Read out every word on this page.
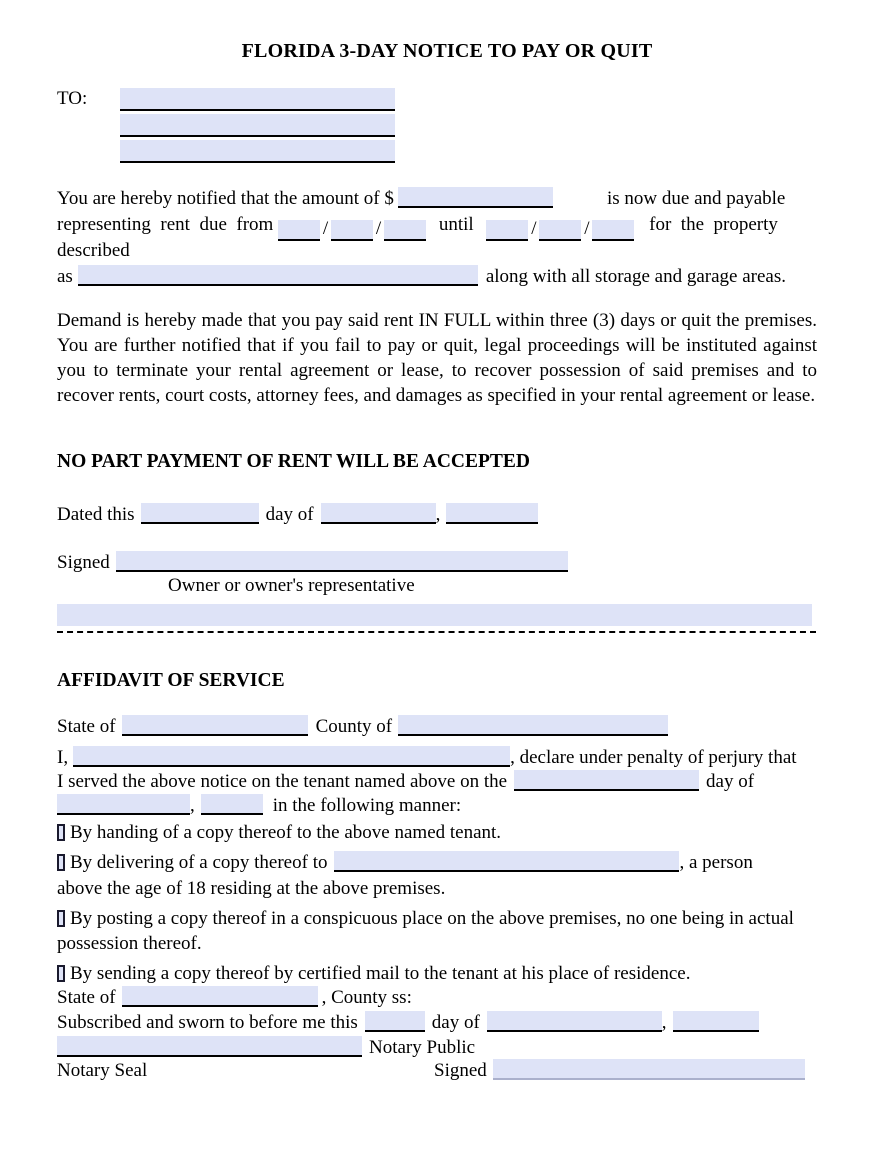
FLORIDA 3-DAY NOTICE TO PAY OR QUIT
TO:
You are hereby notified that the amount of $	is now due and payable
representing  rent  due  from	/	/	until	/	/	for  the  property
described
as	along with all storage and garage areas.
Demand is hereby made that you pay said rent IN FULL within three (3) days or quit the premises. You are further notified that if you fail to pay or quit, legal proceedings will be instituted against you to terminate your rental agreement or lease, to recover possession of said premises and to recover rents, court costs, attorney fees, and damages as specified in your rental agreement or lease.
NO PART PAYMENT OF RENT WILL BE ACCEPTED
Dated this	day of	,
Signed
Owner or owner's representative
AFFIDAVIT OF SERVICE
State of	County of
I,	, declare under penalty of perjury that
I served the above notice on the tenant named above on the	day of
,	in the following manner:
By handing of a copy thereof to the above named tenant.
By delivering of a copy thereof to	, a person
above the age of 18 residing at the above premises.
By posting a copy thereof in a conspicuous place on the above premises, no one being in actual possession thereof.
By sending a copy thereof by certified mail to the tenant at his place of residence.
State of	, County ss:
Subscribed and sworn to before me this	day of	,
Notary Public
Notary Seal	Signed
